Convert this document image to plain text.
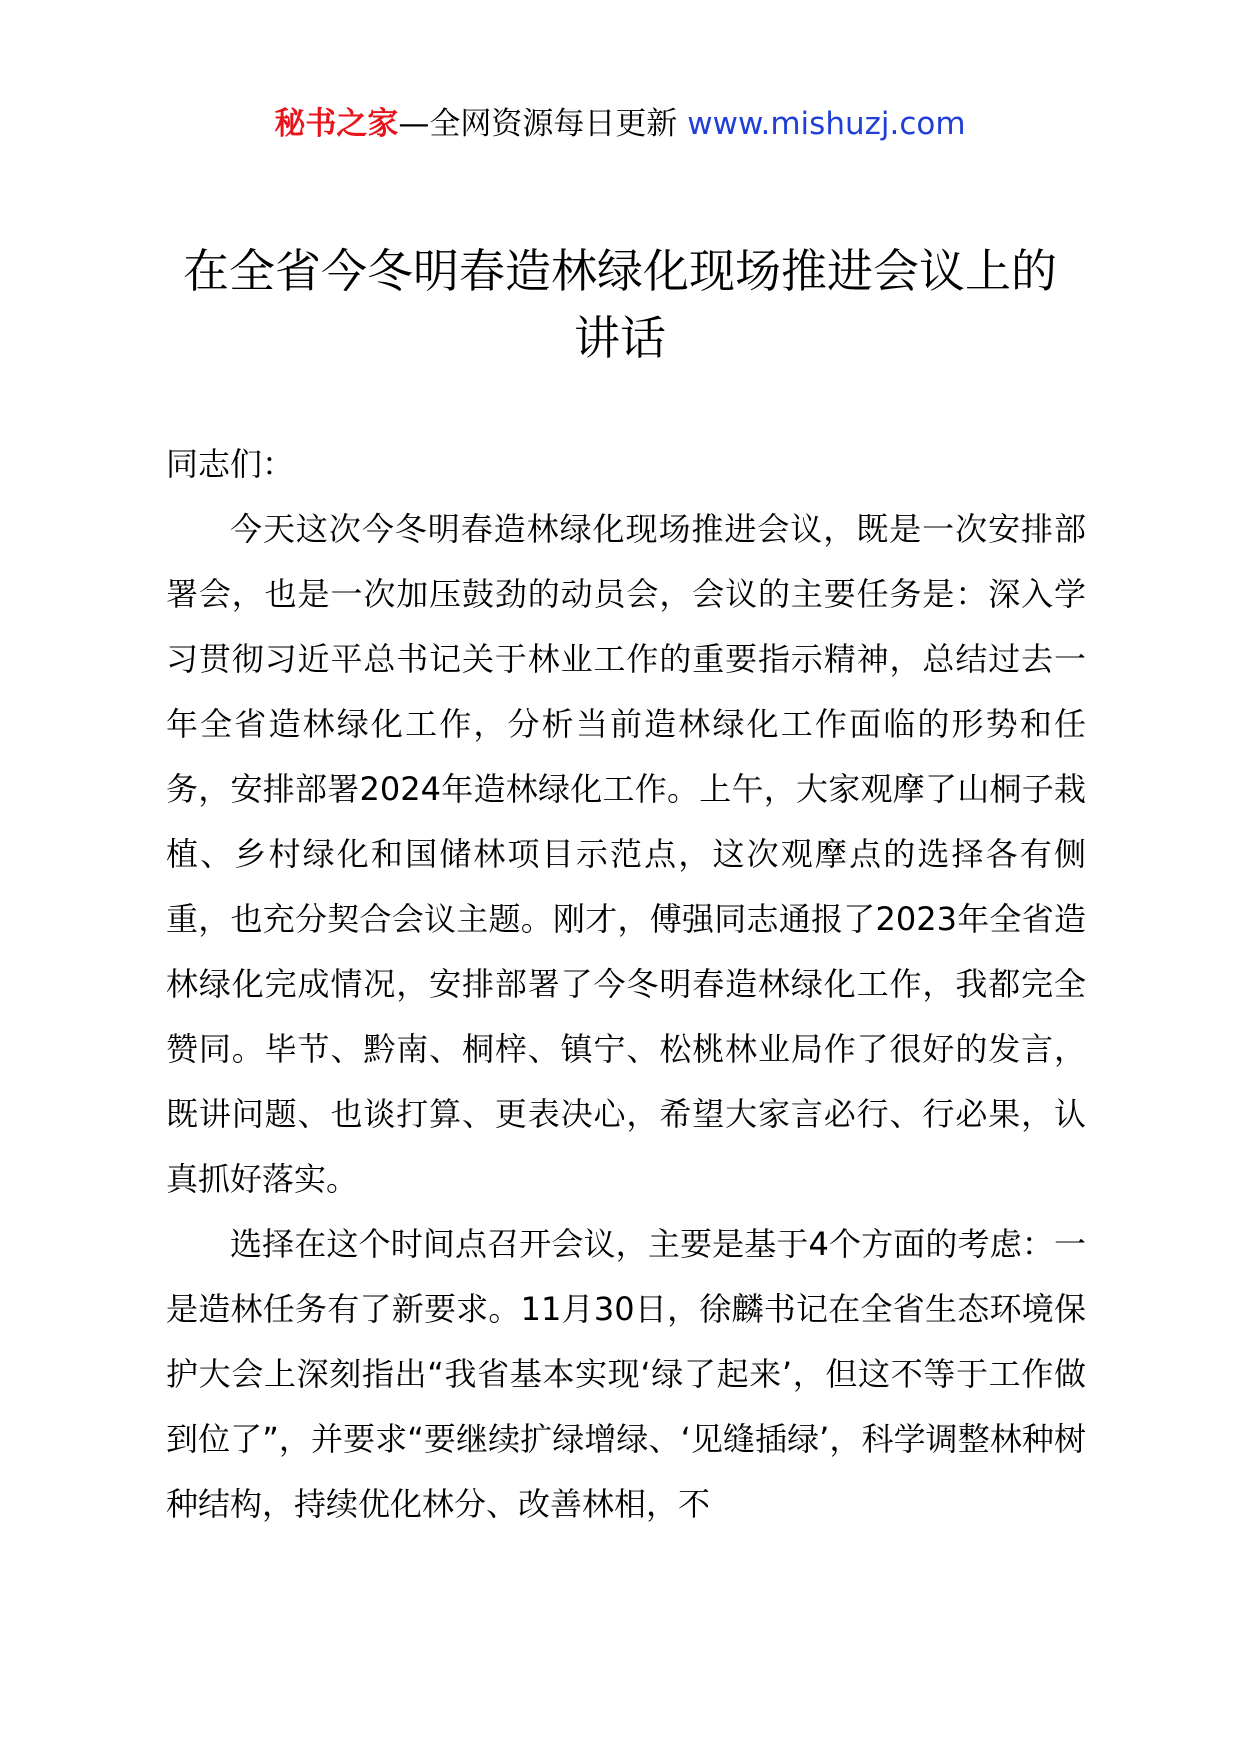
秘书之家—全网资源每日更新 www.mishuzj.com
在全省今冬明春造林绿化现场推进会议上的讲话

同志们：

今天这次今冬明春造林绿化现场推进会议，既是一次安排部署会，也是一次加压鼓劲的动员会，会议的主要任务是：深入学习贯彻习近平总书记关于林业工作的重要指示精神，总结过去一年全省造林绿化工作，分析当前造林绿化工作面临的形势和任务，安排部署2024年造林绿化工作。上午，大家观摩了山桐子栽植、乡村绿化和国储林项目示范点，这次观摩点的选择各有侧重，也充分契合会议主题。刚才，傅强同志通报了2023年全省造林绿化完成情况，安排部署了今冬明春造林绿化工作，我都完全赞同。毕节、黔南、桐梓、镇宁、松桃林业局作了很好的发言，既讲问题、也谈打算、更表决心，希望大家言必行、行必果，认真抓好落实。

选择在这个时间点召开会议，主要是基于4个方面的考虑：一是造林任务有了新要求。11月30日，徐麟书记在全省生态环境保护大会上深刻指出“我省基本实现‘绿了起来’，但这不等于工作做到位了”，并要求“要继续扩绿增绿、‘见缝插绿’，科学调整林种树种结构，持续优化林分、改善林相，不
